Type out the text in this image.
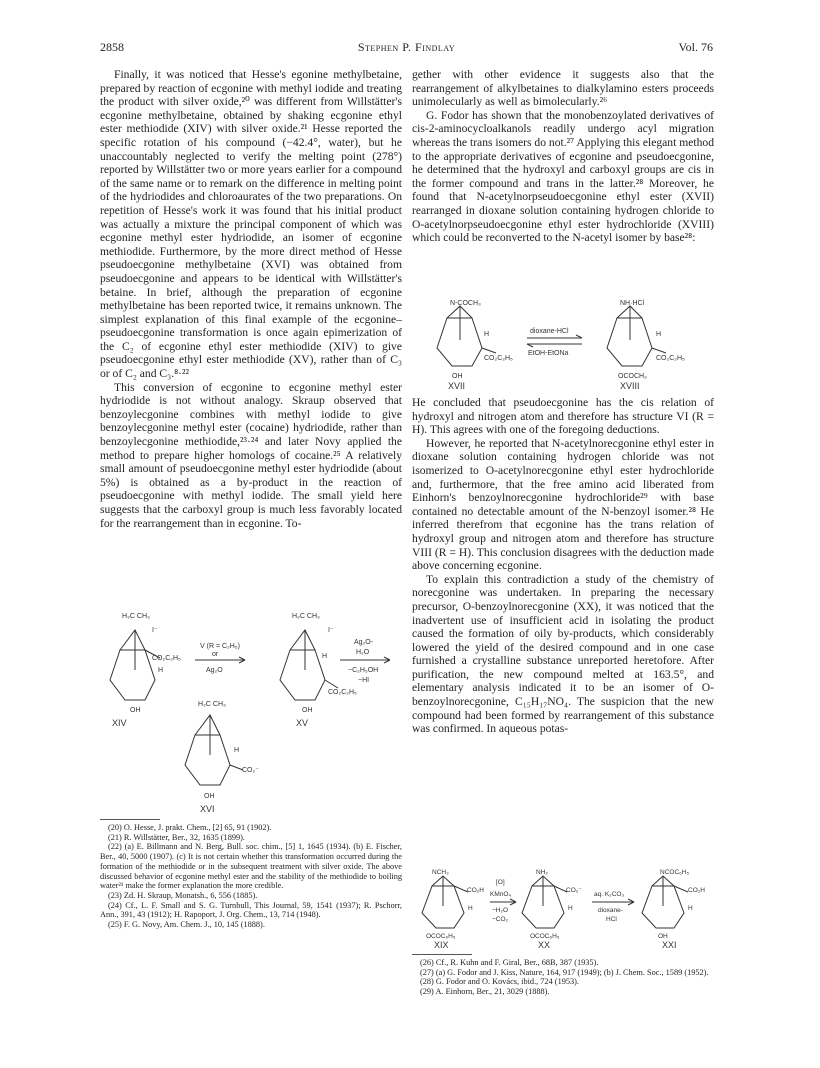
2858	Stephen P. Findlay	Vol. 76

Finally, it was noticed that Hesse's egonine methylbetaine, prepared by reaction of ecgonine with methyl iodide and treating the product with silver oxide,²⁰ was different from Willstätter's ecgonine methylbetaine, obtained by shaking ecgonine ethyl ester methiodide (XIV) with silver oxide.²¹ Hesse reported the specific rotation of his compound (−42.4°, water), but he unaccountably neglected to verify the melting point (278°) reported by Willstätter two or more years earlier for a compound of the same name or to remark on the difference in melting point of the hydriodides and chloroaurates of the two preparations. On repetition of Hesse's work it was found that his initial product was actually a mixture the principal component of which was ecgonine methyl ester hydriodide, an isomer of ecgonine methiodide. Furthermore, by the more direct method of Hesse pseudoecgonine methylbetaine (XVI) was obtained from pseudoecgonine and appears to be identical with Willstätter's betaine. In brief, although the preparation of ecgonine methylbetaine has been reported twice, it remains unknown. The simplest explanation of this final example of the ecgonine–pseudoecgonine transformation is once again epimerization of the C₂ of ecgonine ethyl ester methiodide (XIV) to give pseudoecgonine ethyl ester methiodide (XV), rather than of C₃ or of C₂ and C₃.⁸·²²

This conversion of ecgonine to ecgonine methyl ester hydriodide is not without analogy. Skraup observed that benzoylecgonine combines with methyl iodide to give benzoylecgonine methyl ester (cocaine) hydriodide, rather than benzoylecgonine methiodide,²³·²⁴ and later Novy applied the method to prepare higher homologs of cocaine.²⁵ A relatively small amount of pseudoecgonine methyl ester hydriodide (about 5%) is obtained as a by-product in the reaction of pseudoecgonine with methyl iodide. The small yield here suggests that the carboxyl group is much less favorably located for the rearrangement than in ecgonine. To-

gether with other evidence it suggests also that the rearrangement of alkylbetaines to dialkylamino esters proceeds unimolecularly as well as bimolecularly.²⁶

G. Fodor has shown that the monobenzoylated derivatives of cis-2-aminocycloalkanols readily undergo acyl migration whereas the trans isomers do not.²⁷ Applying this elegant method to the appropriate derivatives of ecgonine and pseudoecgonine, he determined that the hydroxyl and carboxyl groups are cis in the former compound and trans in the latter.²⁸ Moreover, he found that N-acetylnorpseudoecgonine ethyl ester (XVII) rearranged in dioxane solution containing hydrogen chloride to O-acetylnorpseudoecgonine ethyl ester hydrochloride (XVIII) which could be reconverted to the N-acetyl isomer by base²⁸:

He concluded that pseudoecgonine has the cis relation of hydroxyl and nitrogen atom and therefore has structure VI (R = H). This agrees with one of the foregoing deductions.

However, he reported that N-acetylnorecgonine ethyl ester in dioxane solution containing hydrogen chloride was not isomerized to O-acetylnorecgonine ethyl ester hydrochloride and, furthermore, that the free amino acid liberated from Einhorn's benzoylnorecgonine hydrochloride²⁹ with base contained no detectable amount of the N-benzoyl isomer.²⁸ He inferred therefrom that ecgonine has the trans relation of hydroxyl group and nitrogen atom and therefore has structure VIII (R = H). This conclusion disagrees with the deduction made above concerning ecgonine.

To explain this contradiction a study of the chemistry of norecgonine was undertaken. In preparing the necessary precursor, O-benzoylnorecgonine (XX), it was noticed that the inadvertent use of insufficient acid in isolating the product caused the formation of oily by-products, which considerably lowered the yield of the desired compound and in one case furnished a crystalline substance unreported heretofore. After purification, the new compound melted at 163.5°, and elementary analysis indicated it to be an isomer of O-benzoylnorecgonine, C₁₅H₁₇NO₄. The suspicion that the new compound had been formed by rearrangement of this substance was confirmed. In aqueous potas-

H₃C CH₃
I⁻
CO₂C₂H₅
H
OH
H₃C CH₃
I⁻
H
CO₂C₂H₅
OH
H₃C CH₃
H
CO₂⁻
OH
V (R = C₂H₅)
or
Ag₂O
Ag₂O-
H₂O
−C₂H₅OH
−HI
XIV	XV
XVI
N-COCH₃	NH·HCl
H
CO₂C₂H₅
OH
H
CO₂C₂H₅
OCOCH₃
dioxane-HCl
EtOH-EtONa
XVII	XVIII
NCH₃	NH₂	NCOC₆H₅
CO₂H	CO₂⁻	CO₂H
H	H	H
OCOC₆H₅	OCOC₆H₅	OH
[O]
KMnO₄
−H₂O
−CO₂
aq. K₂CO₃
dioxane-
HCl
XIX	XX	XXI

(20) O. Hesse, J. prakt. Chem., [2] 65, 91 (1902).

(21) R. Willstätter, Ber., 32, 1635 (1899).

(22) (a) E. Billmann and N. Berg, Bull. soc. chim., [5] 1, 1645 (1934). (b) E. Fischer, Ber., 40, 5000 (1907). (c) It is not certain whether this transformation occurred during the formation of the methiodide or in the subsequent treatment with silver oxide. The above discussed behavior of ecgonine methyl ester and the stability of the methiodide to boiling water²¹ make the former explanation the more credible.

(23) Zd. H. Skraup, Monatsh., 6, 556 (1885).

(24) Cf., L. F. Small and S. G. Turnbull, This Journal, 59, 1541 (1937); R. Pschorr, Ann., 391, 43 (1912); H. Rapoport, J. Org. Chem., 13, 714 (1948).

(25) F. G. Novy, Am. Chem. J., 10, 145 (1888).

(26) Cf., R. Kuhn and F. Giral, Ber., 68B, 387 (1935).

(27) (a) G. Fodor and J. Kiss, Nature, 164, 917 (1949); (b) J. Chem. Soc., 1589 (1952).

(28) G. Fodor and O. Kovács, ibid., 724 (1953).

(29) A. Einhorn, Ber., 21, 3029 (1888).
